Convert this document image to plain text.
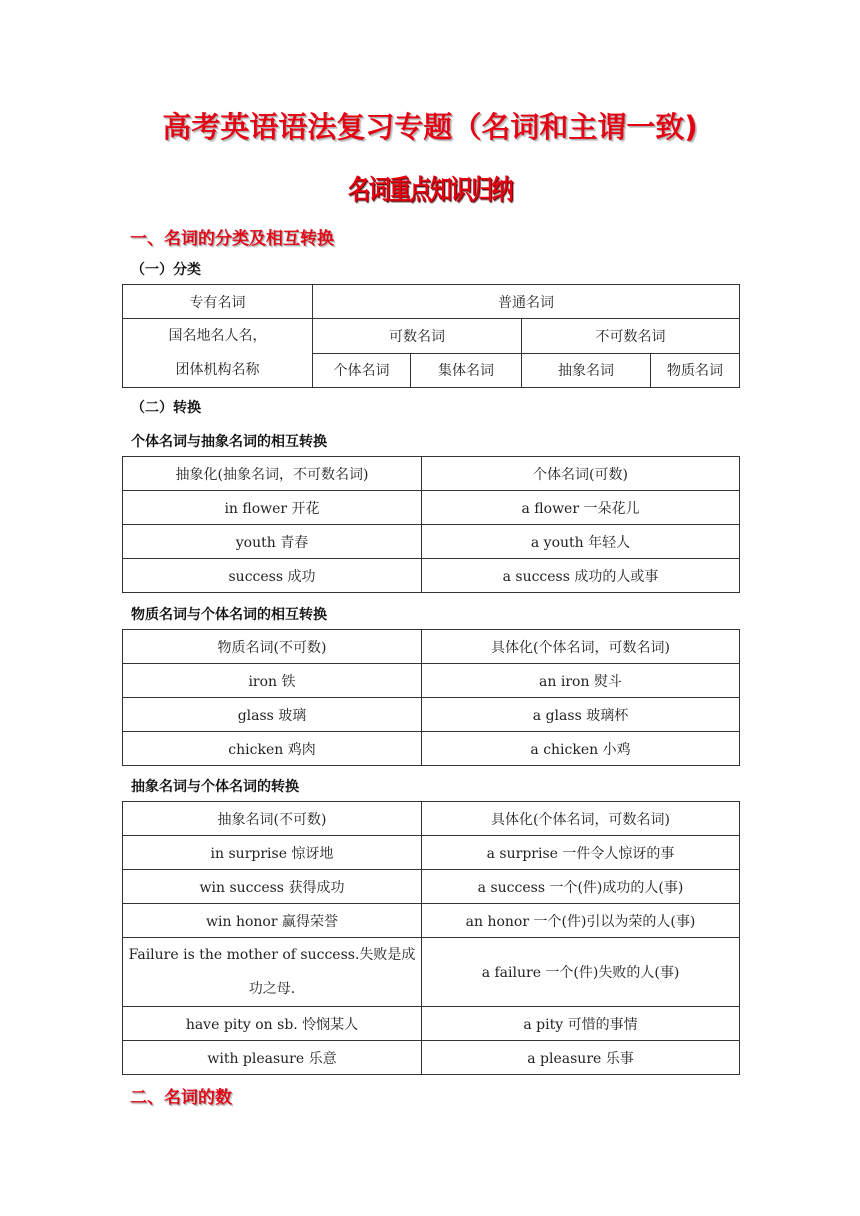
高考英语语法复习专题（名词和主谓一致)
名词重点知识归纳
一、名词的分类及相互转换
（一）分类
专有名词	普通名词			

国名地名人名，
团体机构名称	可数名词		不可数名词	
	个体名词	集体名词	抽象名词	物质名词
（二）转换
个体名词与抽象名词的相互转换
抽象化(抽象名词，不可数名词)	个体名词(可数)
in flower 开花	a flower 一朵花儿
youth 青春	a youth 年轻人
success 成功	a success 成功的人或事
物质名词与个体名词的相互转换
物质名词(不可数)	具体化(个体名词，可数名词)
iron 铁	an iron 熨斗
glass 玻璃	a glass 玻璃杯
chicken 鸡肉	a chicken 小鸡
抽象名词与个体名词的转换
抽象名词(不可数)	具体化(个体名词，可数名词)
in surprise 惊讶地	a surprise 一件令人惊讶的事
win success 获得成功	a success 一个(件)成功的人(事)
win honor 赢得荣誉	an honor 一个(件)引以为荣的人(事)
Failure is the mother of success.失败是成功之母.	a failure 一个(件)失败的人(事)
have pity on sb. 怜悯某人	a pity 可惜的事情
with pleasure 乐意	a pleasure 乐事
二、名词的数
